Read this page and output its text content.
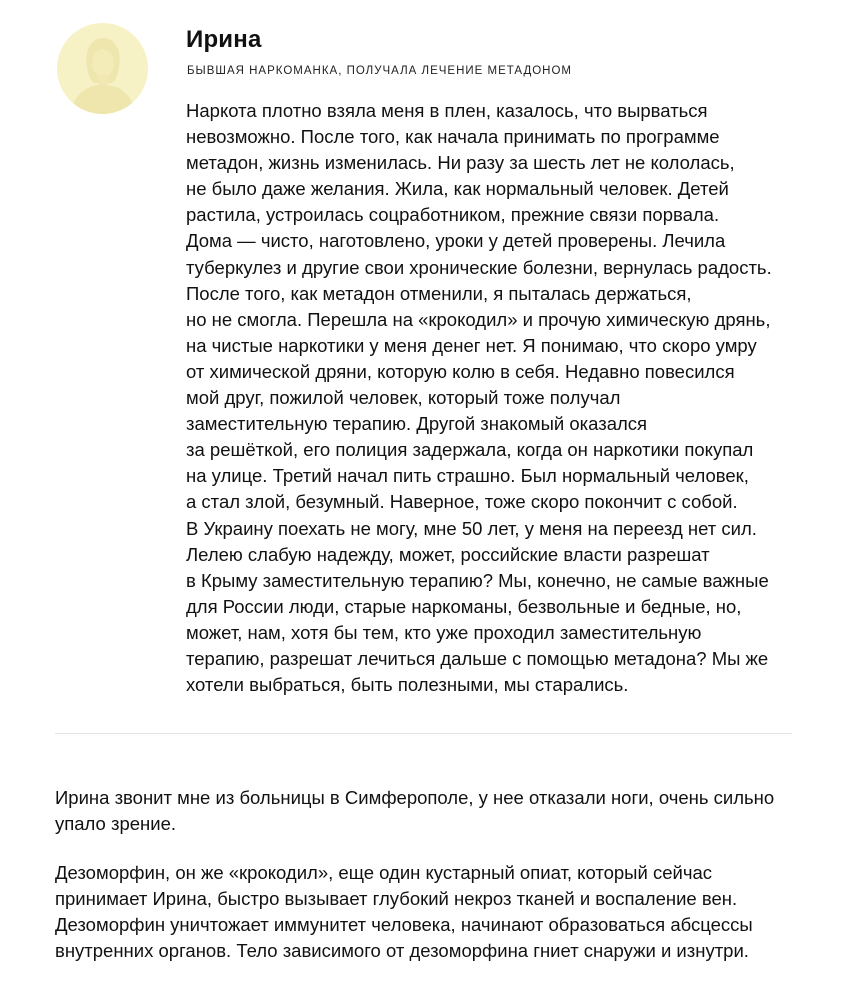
Ирина
БЫВШАЯ НАРКОМАНКА, ПОЛУЧАЛА ЛЕЧЕНИЕ МЕТАДОНОМ

Наркота плотно взяла меня в плен, казалось, что вырваться
невозможно. После того, как начала принимать по программе
метадон, жизнь изменилась. Ни разу за шесть лет не кололась,
не было даже желания. Жила, как нормальный человек. Детей
растила, устроилась соцработником, прежние связи порвала.
Дома — чисто, наготовлено, уроки у детей проверены. Лечила
туберкулез и другие свои хронические болезни, вернулась радость.
После того, как метадон отменили, я пыталась держаться,
но не смогла. Перешла на «крокодил» и прочую химическую дрянь,
на чистые наркотики у меня денег нет. Я понимаю, что скоро умру
от химической дряни, которую колю в себя. Недавно повесился
мой друг, пожилой человек, который тоже получал
заместительную терапию. Другой знакомый оказался
за решёткой, его полиция задержала, когда он наркотики покупал
на улице. Третий начал пить страшно. Был нормальный человек,
а стал злой, безумный. Наверное, тоже скоро покончит с собой.
В Украину поехать не могу, мне 50 лет, у меня на переезд нет сил.
Лелею слабую надежду, может, российские власти разрешат
в Крыму заместительную терапию? Мы, конечно, не самые важные
для России люди, старые наркоманы, безвольные и бедные, но,
может, нам, хотя бы тем, кто уже проходил заместительную
терапию, разрешат лечиться дальше с помощью метадона? Мы же
хотели выбраться, быть полезными, мы старались.

Ирина звонит мне из больницы в Симферополе, у нее отказали ноги, очень сильно
упало зрение.

Дезоморфин, он же «крокодил», еще один кустарный опиат, который сейчас
принимает Ирина, быстро вызывает глубокий некроз тканей и воспаление вен.
Дезоморфин уничтожает иммунитет человека, начинают образоваться абсцессы
внутренних органов. Тело зависимого от дезоморфина гниет снаружи и изнутри.
